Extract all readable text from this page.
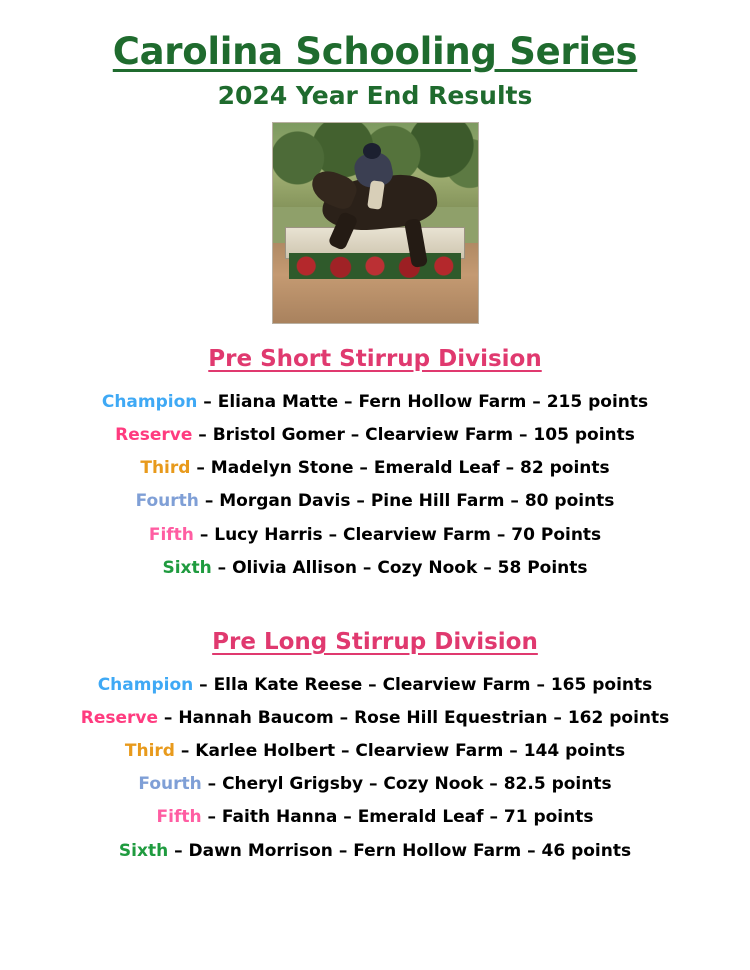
Carolina Schooling Series
2024 Year End Results
Pre Short Stirrup Division
Champion – Eliana Matte – Fern Hollow Farm – 215 points
Reserve – Bristol Gomer – Clearview Farm – 105 points
Third – Madelyn Stone – Emerald Leaf – 82 points
Fourth – Morgan Davis – Pine Hill Farm – 80 points
Fifth – Lucy Harris – Clearview Farm – 70 Points
Sixth – Olivia Allison – Cozy Nook – 58 Points
Pre Long Stirrup Division
Champion – Ella Kate Reese – Clearview Farm – 165 points
Reserve – Hannah Baucom – Rose Hill Equestrian – 162 points
Third – Karlee Holbert – Clearview Farm – 144 points
Fourth – Cheryl Grigsby – Cozy Nook – 82.5 points
Fifth – Faith Hanna – Emerald Leaf – 71 points
Sixth – Dawn Morrison – Fern Hollow Farm – 46 points
